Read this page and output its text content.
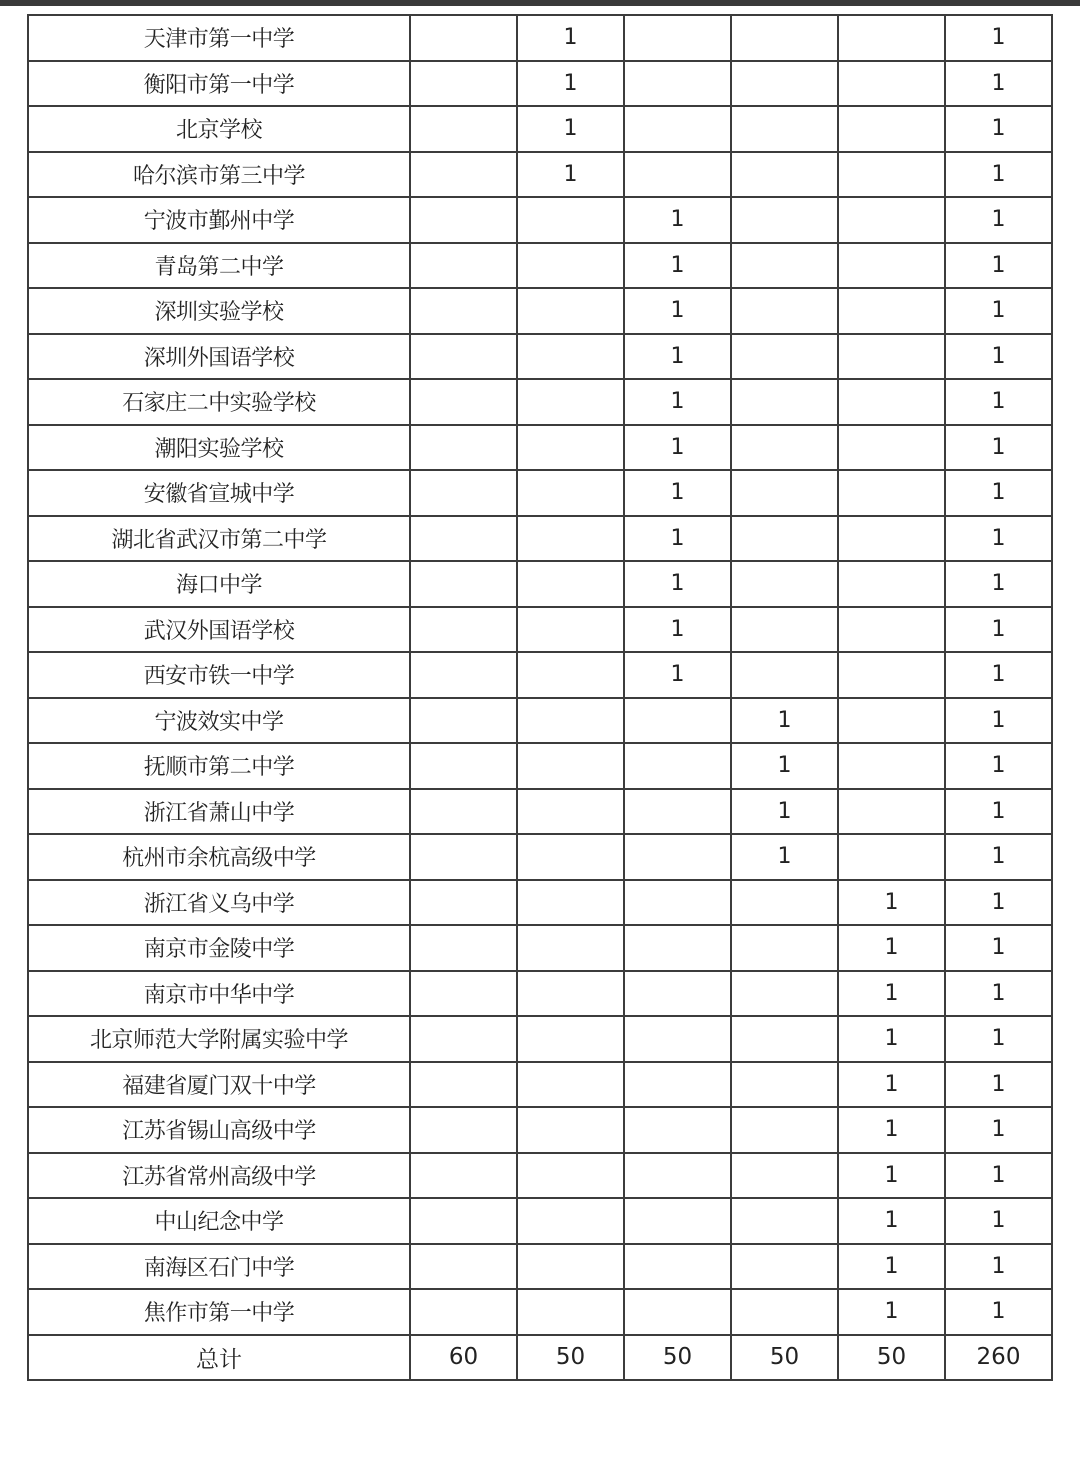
天津市第一中学		1				1
衡阳市第一中学		1				1
北京学校		1				1
哈尔滨市第三中学		1				1
宁波市鄞州中学			1			1
青岛第二中学			1			1
深圳实验学校			1			1
深圳外国语学校			1			1
石家庄二中实验学校			1			1
潮阳实验学校			1			1
安徽省宣城中学			1			1
湖北省武汉市第二中学			1			1
海口中学			1			1
武汉外国语学校			1			1
西安市铁一中学			1			1
宁波效实中学				1		1
抚顺市第二中学				1		1
浙江省萧山中学				1		1
杭州市余杭高级中学				1		1
浙江省义乌中学					1	1
南京市金陵中学					1	1
南京市中华中学					1	1
北京师范大学附属实验中学					1	1
福建省厦门双十中学					1	1
江苏省锡山高级中学					1	1
江苏省常州高级中学					1	1
中山纪念中学					1	1
南海区石门中学					1	1
焦作市第一中学					1	1
总计	60	50	50	50	50	260
